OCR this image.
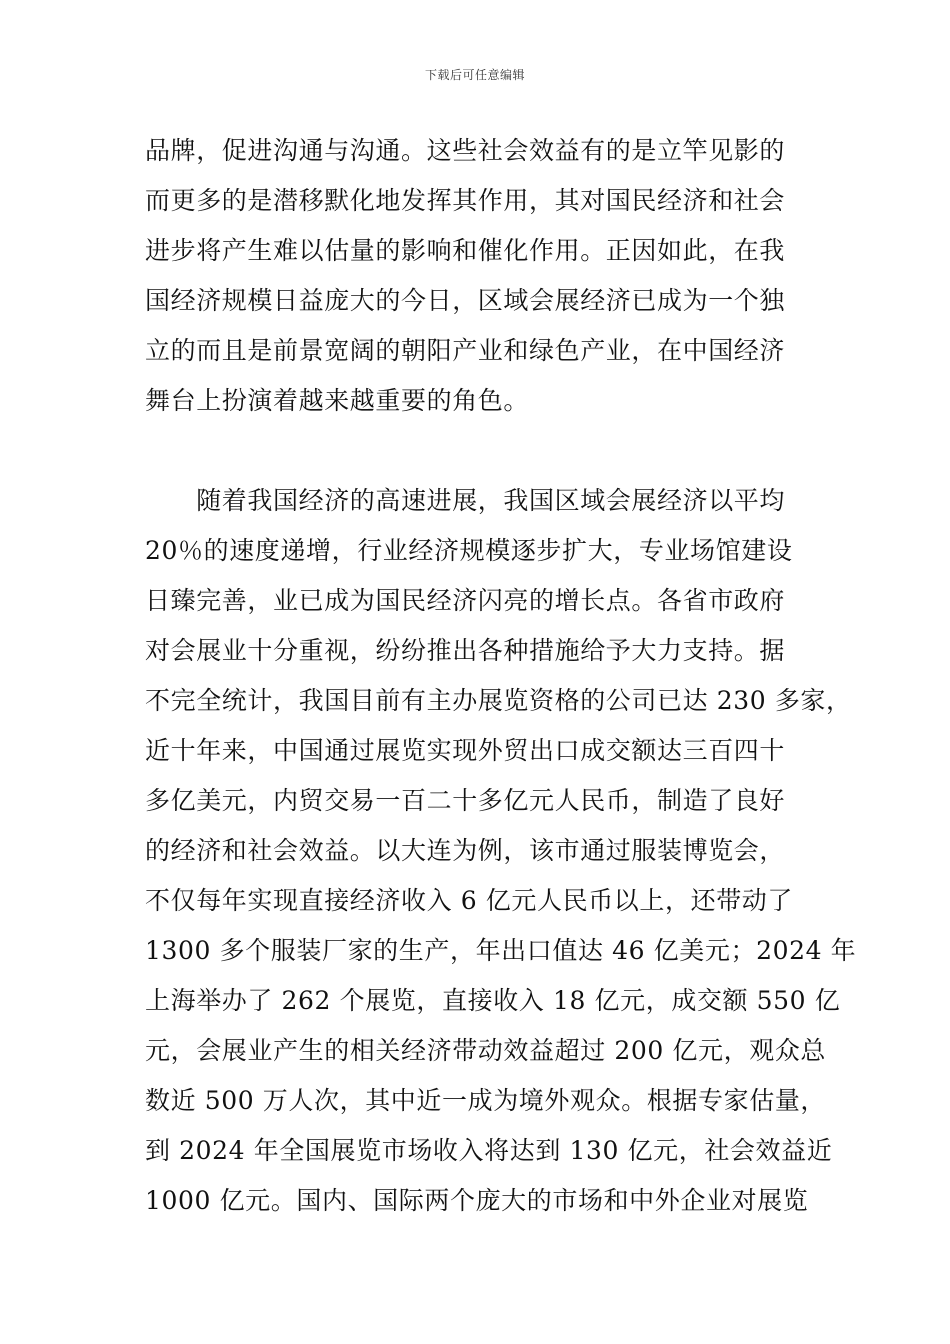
下载后可任意编辑
品牌，促进沟通与沟通。这些社会效益有的是立竿见影的
而更多的是潜移默化地发挥其作用，其对国民经济和社会
进步将产生难以估量的影响和催化作用。正因如此，在我
国经济规模日益庞大的今日，区域会展经济已成为一个独
立的而且是前景宽阔的朝阳产业和绿色产业，在中国经济
舞台上扮演着越来越重要的角色。
　　随着我国经济的高速进展，我国区域会展经济以平均
20％的速度递增，行业经济规模逐步扩大，专业场馆建设
日臻完善，业已成为国民经济闪亮的增长点。各省市政府
对会展业十分重视，纷纷推出各种措施给予大力支持。据
不完全统计，我国目前有主办展览资格的公司已达 230 多家，
近十年来，中国通过展览实现外贸出口成交额达三百四十
多亿美元，内贸交易一百二十多亿元人民币，制造了良好
的经济和社会效益。以大连为例，该市通过服装博览会，
不仅每年实现直接经济收入 6 亿元人民币以上，还带动了
1300 多个服装厂家的生产，年出口值达 46 亿美元；2024 年
上海举办了 262 个展览，直接收入 18 亿元，成交额 550 亿
元，会展业产生的相关经济带动效益超过 200 亿元，观众总
数近 500 万人次，其中近一成为境外观众。根据专家估量，
到 2024 年全国展览市场收入将达到 130 亿元，社会效益近
1000 亿元。国内、国际两个庞大的市场和中外企业对展览
